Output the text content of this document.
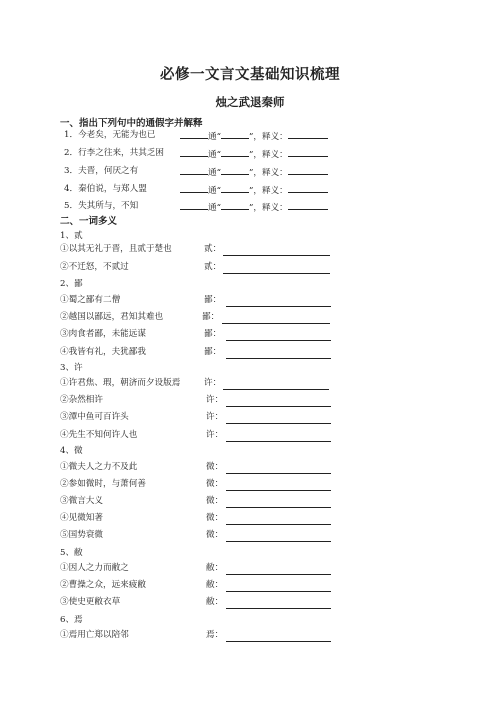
必修一文言文基础知识梳理
烛之武退秦师
一、指出下列句中的通假字并解释
1．今老矣，无能为也已	通“	”，释义：
2．行李之往来，共其乏困	通“	”，释义：
3．夫晋，何厌之有	通“	”，释义：
4．秦伯说，与郑人盟	通“	”，释义：
5．失其所与，不知	通“	”，释义：
二、一词多义
1、贰
①以其无礼于晋，且贰于楚也	贰：
②不迁怒，不贰过	贰：
2、鄙
①蜀之鄙有二僧	鄙：
②越国以鄙远，君知其难也	鄙：
③肉食者鄙，未能远谋	鄙：
④我皆有礼，夫犹鄙我	鄙：
3、许
①许君焦、瑕，朝济而夕设版焉	许：
②杂然相许	许：
③潭中鱼可百许头	许：
④先生不知何许人也	许：
4、微
①微夫人之力不及此	微：
②参如微时，与萧何善	微：
③微言大义	微：
④见微知著	微：
⑤国势衰微	微：
5、敝
①因人之力而敝之	敝：
②曹操之众，远来疲敝	敝：
③使史更敝衣草	敝：
6、焉
①焉用亡郑以陪邻	焉：
